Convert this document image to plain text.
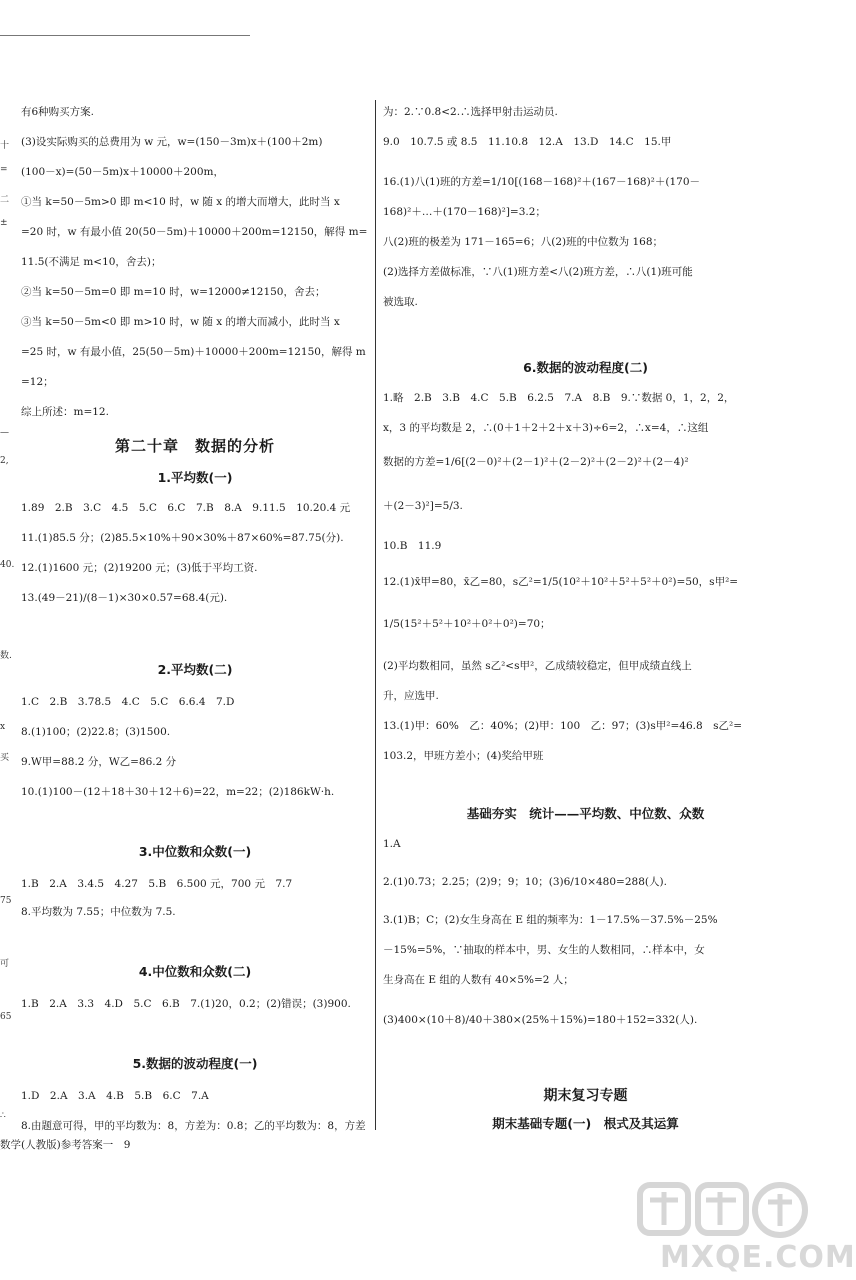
十
二
=
±
—
2,
40.
数.
x
买
75
可
65
∴
有6种购买方案.
(3)设实际购买的总费用为 w 元，w=(150－3m)x＋(100＋2m)
(100－x)=(50－5m)x＋10000＋200m，
①当 k=50－5m>0 即 m<10 时，w 随 x 的增大而增大，此时当 x
=20 时，w 有最小值 20(50－5m)＋10000＋200m=12150，解得 m=
11.5(不满足 m<10，舍去)；
②当 k=50－5m=0 即 m=10 时，w=12000≠12150，舍去；
③当 k=50－5m<0 即 m>10 时，w 随 x 的增大而减小，此时当 x
=25 时，w 有最小值，25(50－5m)＋10000＋200m=12150，解得 m
=12；
综上所述：m=12.
第二十章　数据的分析
1.平均数(一)
1.89　2.B　3.C　4.5　5.C　6.C　7.B　8.A　9.11.5　10.20.4 元
11.(1)85.5 分；(2)85.5×10%＋90×30%＋87×60%=87.75(分).
12.(1)1600 元；(2)19200 元；(3)低于平均工资.
13.(49－21)/(8－1)×30×0.57=68.4(元).
2.平均数(二)
1.C　2.B　3.78.5　4.C　5.C　6.6.4　7.D
8.(1)100；(2)22.8；(3)1500.
9.W甲=88.2 分，W乙=86.2 分
10.(1)100－(12＋18＋30＋12＋6)=22，m=22；(2)186kW·h.
3.中位数和众数(一)
1.B　2.A　3.4.5　4.27　5.B　6.500 元，700 元　7.7
8.平均数为 7.55；中位数为 7.5.
4.中位数和众数(二)
1.B　2.A　3.3　4.D　5.C　6.B　7.(1)20，0.2；(2)错误；(3)900.
5.数据的波动程度(一)
1.D　2.A　3.A　4.B　5.B　6.C　7.A
8.由题意可得，甲的平均数为：8，方差为：0.8；乙的平均数为：8，方差
为：2.∵0.8<2.∴选择甲射击运动员.
9.0　10.7.5 或 8.5　11.10.8　12.A　13.D　14.C　15.甲
16.(1)八(1)班的方差=1/10[(168－168)²＋(167－168)²＋(170－
168)²＋…＋(170－168)²]=3.2；
八(2)班的极差为 171－165=6；八(2)班的中位数为 168；
(2)选择方差做标准，∵八(1)班方差<八(2)班方差，∴八(1)班可能
被选取.
6.数据的波动程度(二)
1.略　2.B　3.B　4.C　5.B　6.2.5　7.A　8.B　9.∵数据 0，1，2，2，
x，3 的平均数是 2，∴(0＋1＋2＋2＋x＋3)÷6=2，∴x=4，∴这组
数据的方差=1/6[(2－0)²＋(2－1)²＋(2－2)²＋(2－2)²＋(2－4)²
＋(2－3)²]=5/3.
10.B　11.9
12.(1)x̄甲=80，x̄乙=80，s乙²=1/5(10²＋10²＋5²＋5²＋0²)=50，s甲²=
1/5(15²＋5²＋10²＋0²＋0²)=70；
(2)平均数相同，虽然 s乙²<s甲²，乙成绩较稳定，但甲成绩直线上
升，应选甲.
13.(1)甲：60%　乙：40%；(2)甲：100　乙：97；(3)s甲²=46.8　s乙²=
103.2，甲班方差小；(4)奖给甲班
基础夯实　统计——平均数、中位数、众数
1.A
2.(1)0.73；2.25；(2)9；9；10；(3)6/10×480=288(人).
3.(1)B；C；(2)女生身高在 E 组的频率为：1－17.5%－37.5%－25%
－15%=5%，∵抽取的样本中，男、女生的人数相同，∴样本中，女
生身高在 E 组的人数有 40×5%=2 人；
(3)400×(10＋8)/40＋380×(25%＋15%)=180＋152=332(人).
期末复习专题
期末基础专题(一)　根式及其运算
数学(人教版)参考答案一　9
MXQE.COM
